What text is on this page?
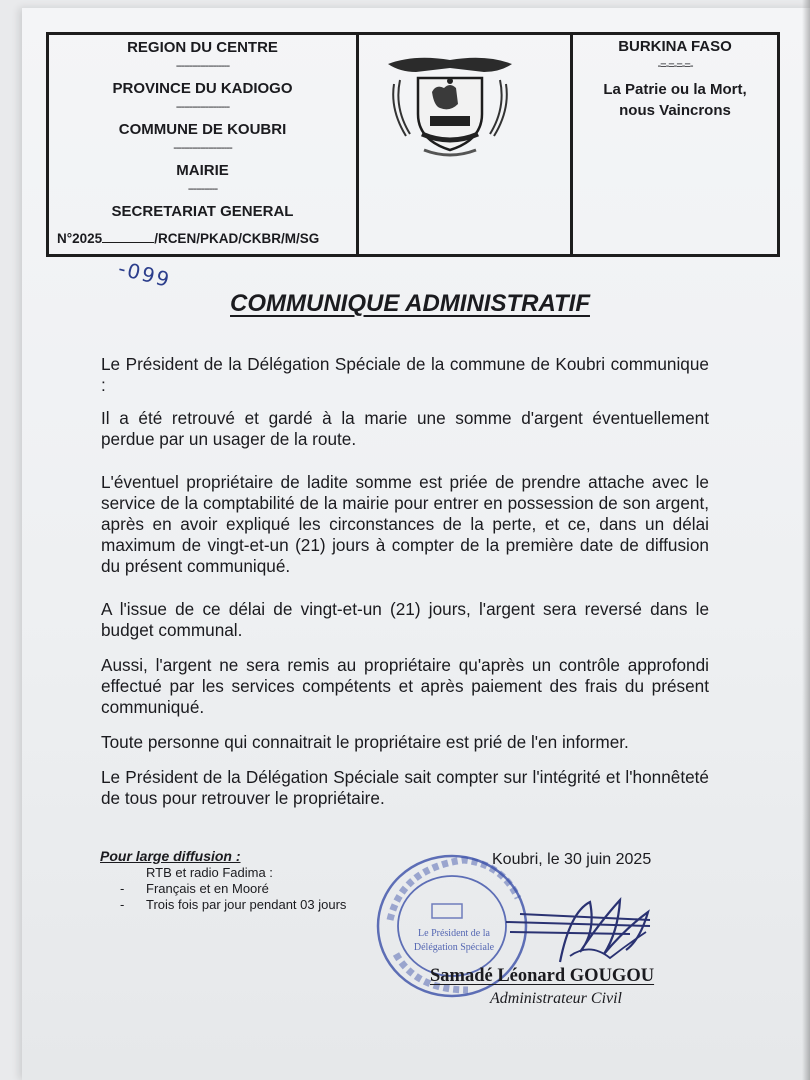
REGION DU CENTRE
--------------------
PROVINCE DU KADIOGO
--------------------
COMMUNE DE KOUBRI
----------------------
MAIRIE
-----------
SECRETARIAT GENERAL
N°2025	/RCEN/PKAD/CKBR/M/SG
BURKINA FASO
-=-=-=-=-
La Patrie ou la Mort,
nous Vaincrons
-099
COMMUNIQUE ADMINISTRATIF

Le Président de la Délégation Spéciale de la commune de Koubri communique :

Il a été retrouvé et gardé à la marie une somme d'argent éventuellement perdue par un usager de la route.

L'éventuel propriétaire de ladite somme est priée de prendre attache avec le service de la comptabilité de la mairie pour entrer en possession de son argent, après en avoir expliqué les circonstances de la perte, et ce, dans un délai maximum de vingt-et-un (21) jours à compter de la première date de diffusion du présent communiqué.

A l'issue de ce délai de vingt-et-un (21) jours, l'argent sera reversé dans le budget communal.

Aussi, l'argent ne sera remis au propriétaire qu'après un contrôle approfondi effectué par les services compétents et après paiement des frais du présent communiqué.

Toute personne qui connaitrait le propriétaire est prié de l'en informer.

Le Président de la Délégation Spéciale sait compter sur l'intégrité et l'honnêteté de tous pour retrouver le propriétaire.

Pour large diffusion :
RTB et radio Fadima :
- Français et en Mooré
- Trois fois par jour pendant 03 jours
Koubri, le 30 juin 2025
Le Président de la
Délégation Spéciale
Samadé Léonard GOUGOU
Administrateur Civil
